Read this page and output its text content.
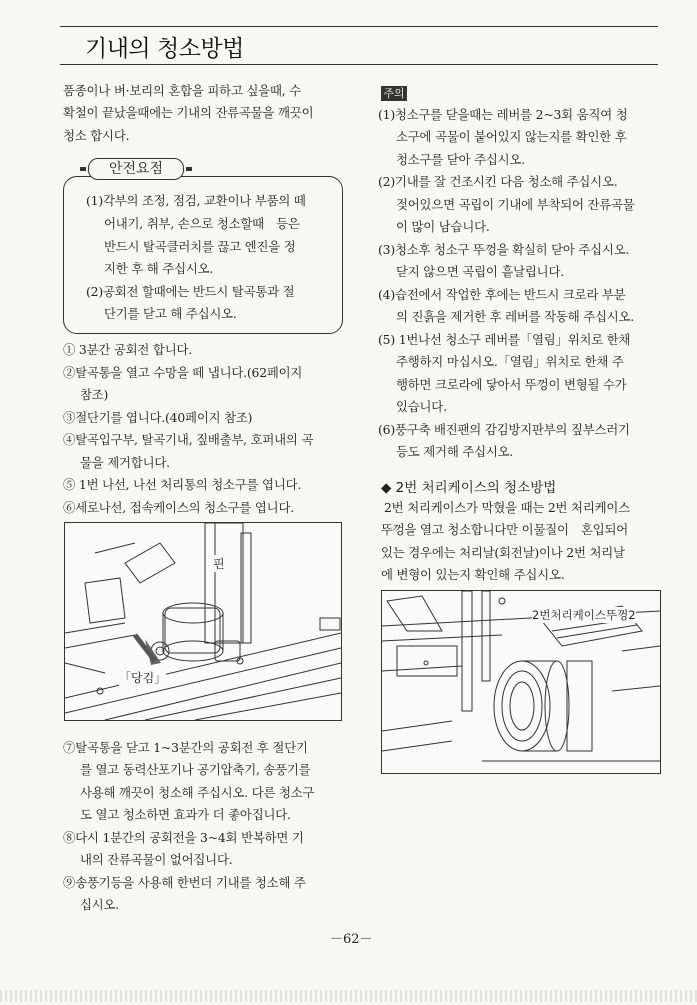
기내의 청소방법
품종이나 벼·보리의 혼합을 피하고 싶을때, 수
확철이 끝났을때에는 기내의 잔류곡물을 깨끗이
청소 합시다.
안전요점
(1)각부의 조정, 점검, 교환이나 부품의 떼
어내기, 취부, 손으로 청소할때　등은
반드시 탈곡클러치를 끊고 엔진을 정
지한 후 해 주십시오.
(2)공회전 할때에는 반드시 탈곡통과 절
단기를 닫고 해 주십시오.
① 3분간 공회전 합니다.
②탈곡통을 열고 수망을 떼 냅니다.(62페이지
참조)
③절단기를 엽니다.(40페이지 참조)
④탈곡입구부, 탈곡기내, 짚배출부, 호퍼내의 곡
물을 제거합니다.
⑤ 1번 나선, 나선 처리통의 청소구를 엽니다.
⑥세로나선, 접속케이스의 청소구를 엽니다.
핀
「당김」
⑦탈곡통을 닫고 1~3분간의 공회전 후 절단기
를 열고 동력산포기나 공기압축기, 송풍기를
사용해 깨끗이 청소해 주십시오. 다른 청소구
도 열고 청소하면 효과가 더 좋아집니다.
⑧다시 1분간의 공회전을 3~4회 반복하면 기
내의 잔류곡물이 없어집니다.
⑨송풍기등을 사용해 한번더 기내를 청소해 주
십시오.
주의
(1)청소구를 닫을때는 레버를 2~3회 움직여 청
소구에 곡물이 붙어있지 않는지를 확인한 후
청소구를 닫아 주십시오.
(2)기내를 잘 건조시킨 다음 청소해 주십시오.
젖어있으면 곡립이 기내에 부착되어 잔류곡물
이 많이 남습니다.
(3)청소후 청소구 뚜껑을 확실히 닫아 주십시오.
닫지 않으면 곡립이 흩날립니다.
(4)습전에서 작업한 후에는 반드시 크로라 부분
의 진흙을 제거한 후 레버를 작동해 주십시오.
(5) 1번나선 청소구 레버를「열림」위치로 한채
주행하지 마십시오.「열림」위치로 한채 주
행하면 크로라에 닿아서 뚜껑이 변형될 수가
있습니다.
(6)풍구축 배진팬의 감김방지판부의 짚부스러기
등도 제거해 주십시오.
◆ 2번 처리케이스의 청소방법
2번 처리케이스가 막혔을 때는 2번 처리케이스
뚜껑을 열고 청소합니다만 이물질이　혼입되어
있는 경우에는 처리날(회전날)이나 2번 처리날
에 변형이 있는지 확인해 주십시오.
2번처리케이스뚜껑2
－62－
